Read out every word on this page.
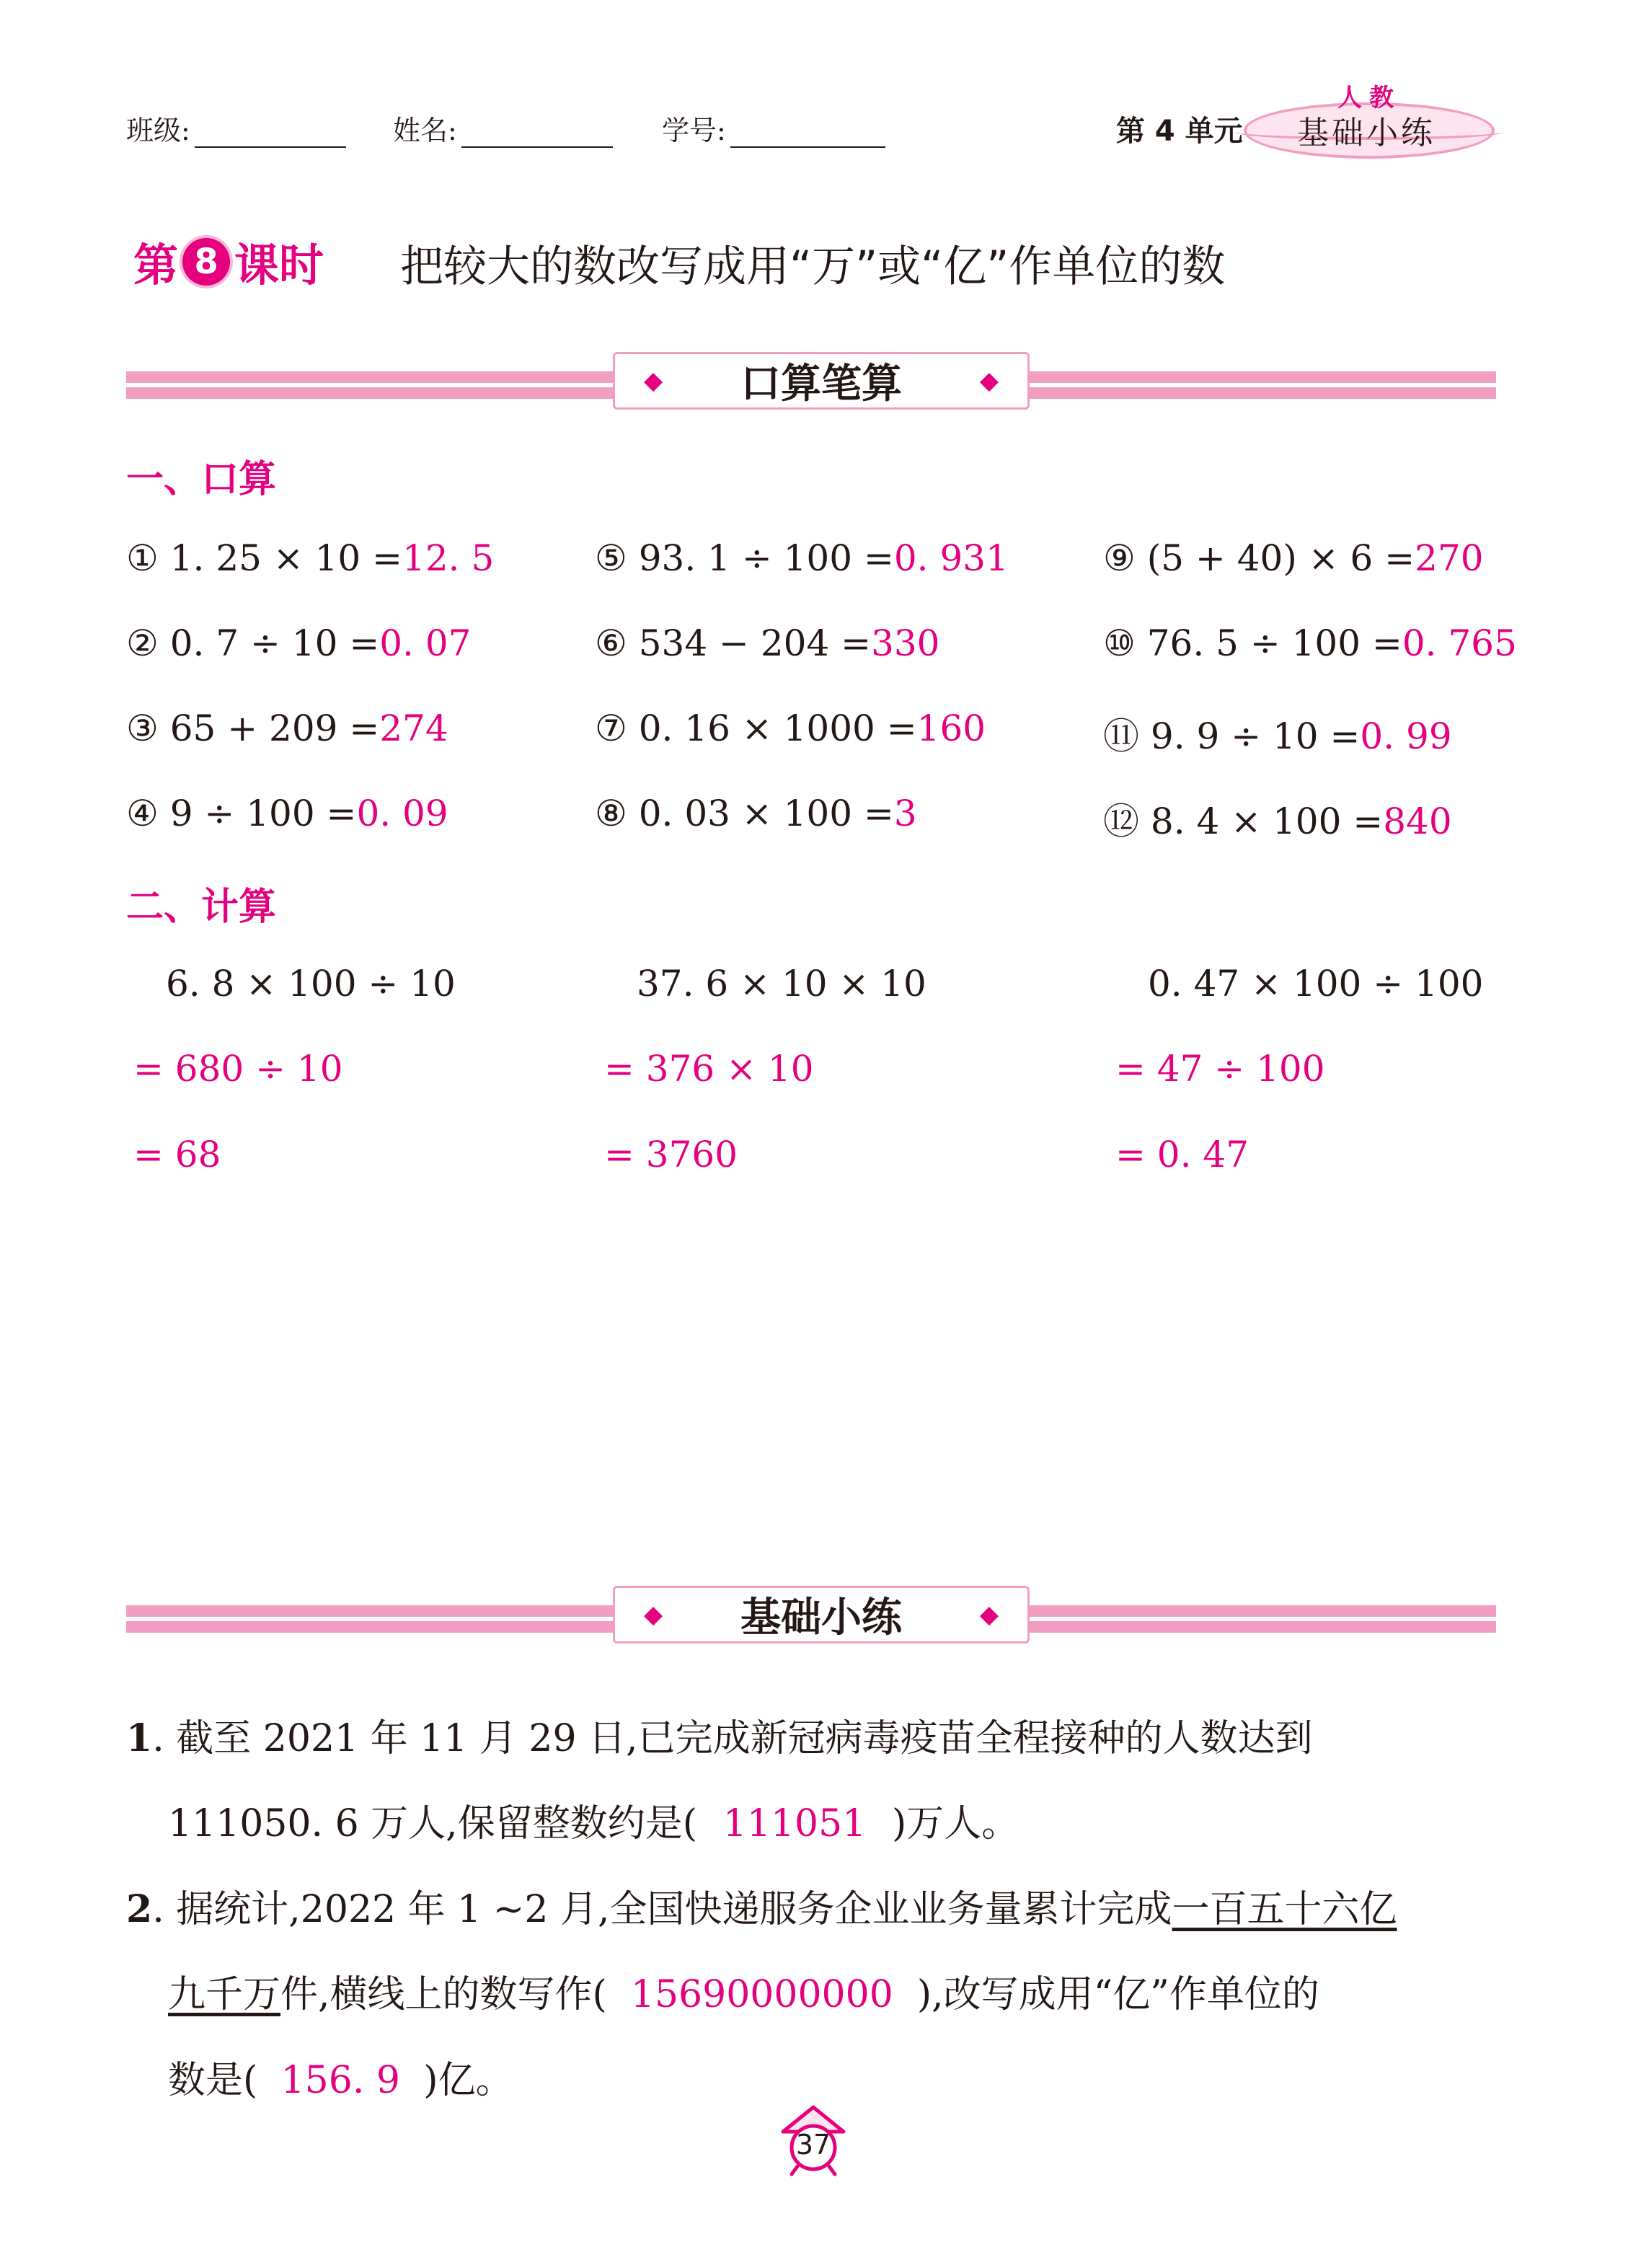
班级:	姓名:	学号:	第 4 单元
人教
基础小练
第 8 课时 把较大的数改写成用“万”或“亿”作单位的数
◆ 口算笔算	◆
一、口算
① 1. 25 × 10 =12. 5
② 0. 7 ÷ 10 =0. 07
③ 65 + 209 =274
④ 9 ÷ 100 =0. 09
⑤ 93. 1 ÷ 100 =0. 931
⑥ 534 − 204 =330
⑦ 0. 16 × 1000 =160
⑧ 0. 03 × 100 =3
⑨ (5 + 40) × 6 =270
⑩ 76. 5 ÷ 100 =0. 765
⑪ 9. 9 ÷ 10 =0. 99
⑫ 8. 4 × 100 =840
二、计算
6. 8 × 100 ÷ 10
= 680 ÷ 10
= 68
37. 6 × 10 × 10
= 376 × 10
= 3760
0. 47 × 100 ÷ 100
= 47 ÷ 100
= 0. 47
◆ 基础小练	◆
1. 截至 2021 年 11 月 29 日,已完成新冠病毒疫苗全程接种的人数达到
111050. 6 万人,保留整数约是( 111051 )万人。
2. 据统计,2022 年 1 ~2 月,全国快递服务企业业务量累计完成一百五十六亿
九千万件,横线上的数写作( 15690000000 ),改写成用“亿”作单位的
数是( 156. 9 )亿。
37
